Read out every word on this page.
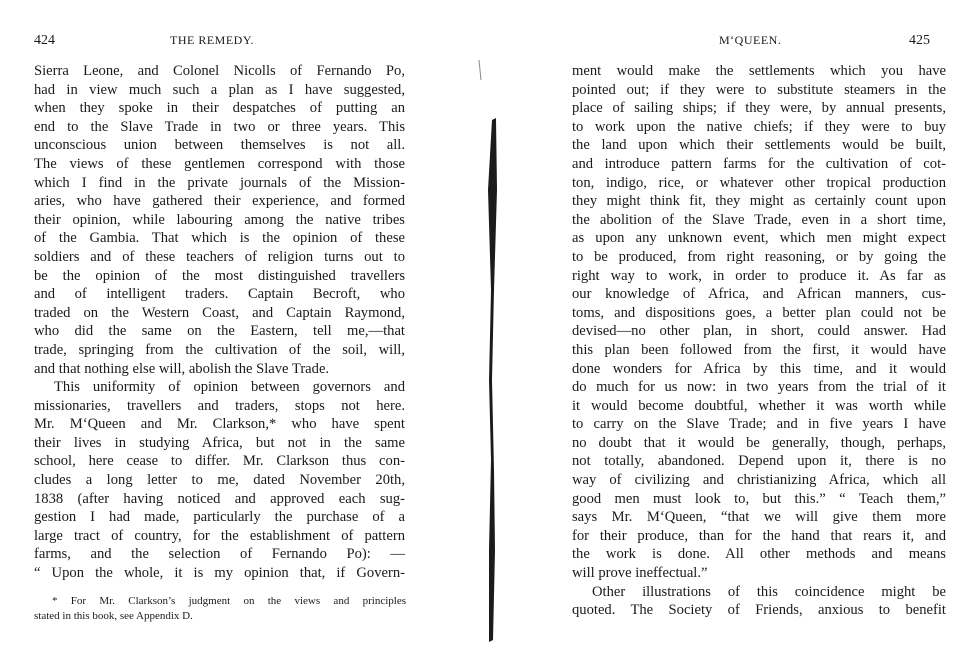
424	THE REMEDY.
Sierra Leone, and Colonel Nicolls of Fernando Po,
had in view much such a plan as I have suggested,
when they spoke in their despatches of putting an
end to the Slave Trade in two or three years. This
unconscious union between themselves is not all.
The views of these gentlemen correspond with those
which I find in the private journals of the Mission-
aries, who have gathered their experience, and formed
their opinion, while labouring among the native tribes
of the Gambia. That which is the opinion of these
soldiers and of these teachers of religion turns out to
be the opinion of the most distinguished travellers
and of intelligent traders. Captain Becroft, who
traded on the Western Coast, and Captain Raymond,
who did the same on the Eastern, tell me,—that
trade, springing from the cultivation of the soil, will,
and that nothing else will, abolish the Slave Trade.
This uniformity of opinion between governors and
missionaries, travellers and traders, stops not here.
Mr. M‘Queen and Mr. Clarkson,* who have spent
their lives in studying Africa, but not in the same
school, here cease to differ. Mr. Clarkson thus con-
cludes a long letter to me, dated November 20th,
1838 (after having noticed and approved each sug-
gestion I had made, particularly the purchase of a
large tract of country, for the establishment of pattern
farms, and the selection of Fernando Po): —
“ Upon the whole, it is my opinion that, if Govern-
* For Mr. Clarkson’s judgment on the views and principles
stated in this book, see Appendix D.
M‘QUEEN.	425
ment would make the settlements which you have
pointed out; if they were to substitute steamers in the
place of sailing ships; if they were, by annual presents,
to work upon the native chiefs; if they were to buy
the land upon which their settlements would be built,
and introduce pattern farms for the cultivation of cot-
ton, indigo, rice, or whatever other tropical production
they might think fit, they might as certainly count upon
the abolition of the Slave Trade, even in a short time,
as upon any unknown event, which men might expect
to be produced, from right reasoning, or by going the
right way to work, in order to produce it. As far as
our knowledge of Africa, and African manners, cus-
toms, and dispositions goes, a better plan could not be
devised—no other plan, in short, could answer. Had
this plan been followed from the first, it would have
done wonders for Africa by this time, and it would
do much for us now: in two years from the trial of it
it would become doubtful, whether it was worth while
to carry on the Slave Trade; and in five years I have
no doubt that it would be generally, though, perhaps,
not totally, abandoned. Depend upon it, there is no
way of civilizing and christianizing Africa, which all
good men must look to, but this.” “ Teach them,”
says Mr. M‘Queen, “that we will give them more
for their produce, than for the hand that rears it, and
the work is done. All other methods and means
will prove ineffectual.”
Other illustrations of this coincidence might be
quoted. The Society of Friends, anxious to benefit
